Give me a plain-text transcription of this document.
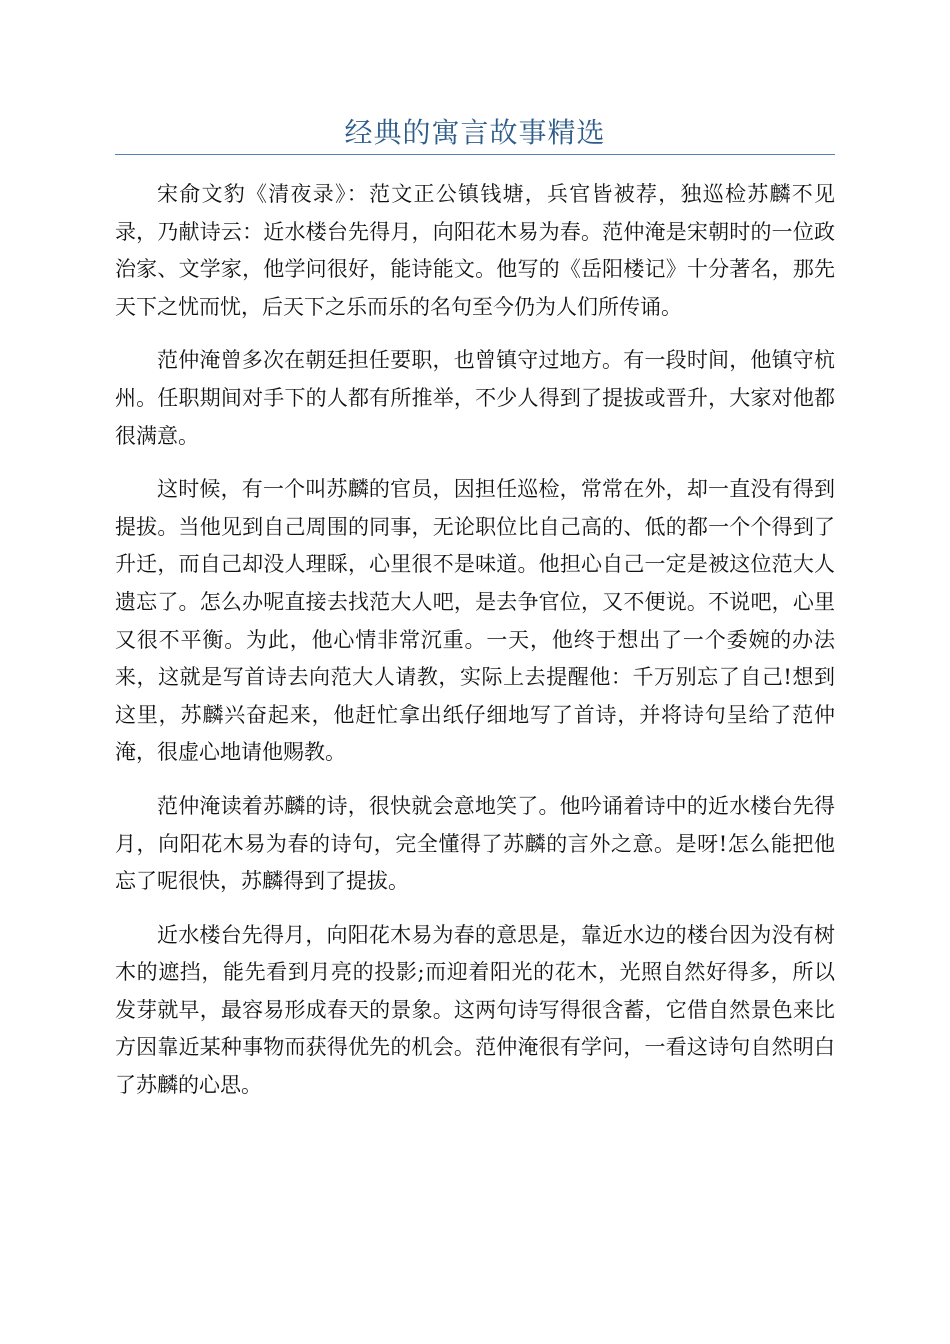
经典的寓言故事精选

宋俞文豹《清夜录》：范文正公镇钱塘，兵官皆被荐，独巡检苏麟不见录，乃献诗云：近水楼台先得月，向阳花木易为春。范仲淹是宋朝时的一位政治家、文学家，他学问很好，能诗能文。他写的《岳阳楼记》十分著名，那先天下之忧而忧，后天下之乐而乐的名句至今仍为人们所传诵。

范仲淹曾多次在朝廷担任要职，也曾镇守过地方。有一段时间，他镇守杭州。任职期间对手下的人都有所推举，不少人得到了提拔或晋升，大家对他都很满意。

这时候，有一个叫苏麟的官员，因担任巡检，常常在外，却一直没有得到提拔。当他见到自己周围的同事，无论职位比自己高的、低的都一个个得到了升迁，而自己却没人理睬，心里很不是味道。他担心自己一定是被这位范大人遗忘了。怎么办呢直接去找范大人吧，是去争官位，又不便说。不说吧，心里又很不平衡。为此，他心情非常沉重。一天，他终于想出了一个委婉的办法来，这就是写首诗去向范大人请教，实际上去提醒他：千万别忘了自己!想到这里，苏麟兴奋起来，他赶忙拿出纸仔细地写了首诗，并将诗句呈给了范仲淹，很虚心地请他赐教。

范仲淹读着苏麟的诗，很快就会意地笑了。他吟诵着诗中的近水楼台先得月，向阳花木易为春的诗句，完全懂得了苏麟的言外之意。是呀!怎么能把他忘了呢很快，苏麟得到了提拔。

近水楼台先得月，向阳花木易为春的意思是，靠近水边的楼台因为没有树木的遮挡，能先看到月亮的投影;而迎着阳光的花木，光照自然好得多，所以发芽就早，最容易形成春天的景象。这两句诗写得很含蓄，它借自然景色来比方因靠近某种事物而获得优先的机会。范仲淹很有学问，一看这诗句自然明白了苏麟的心思。
